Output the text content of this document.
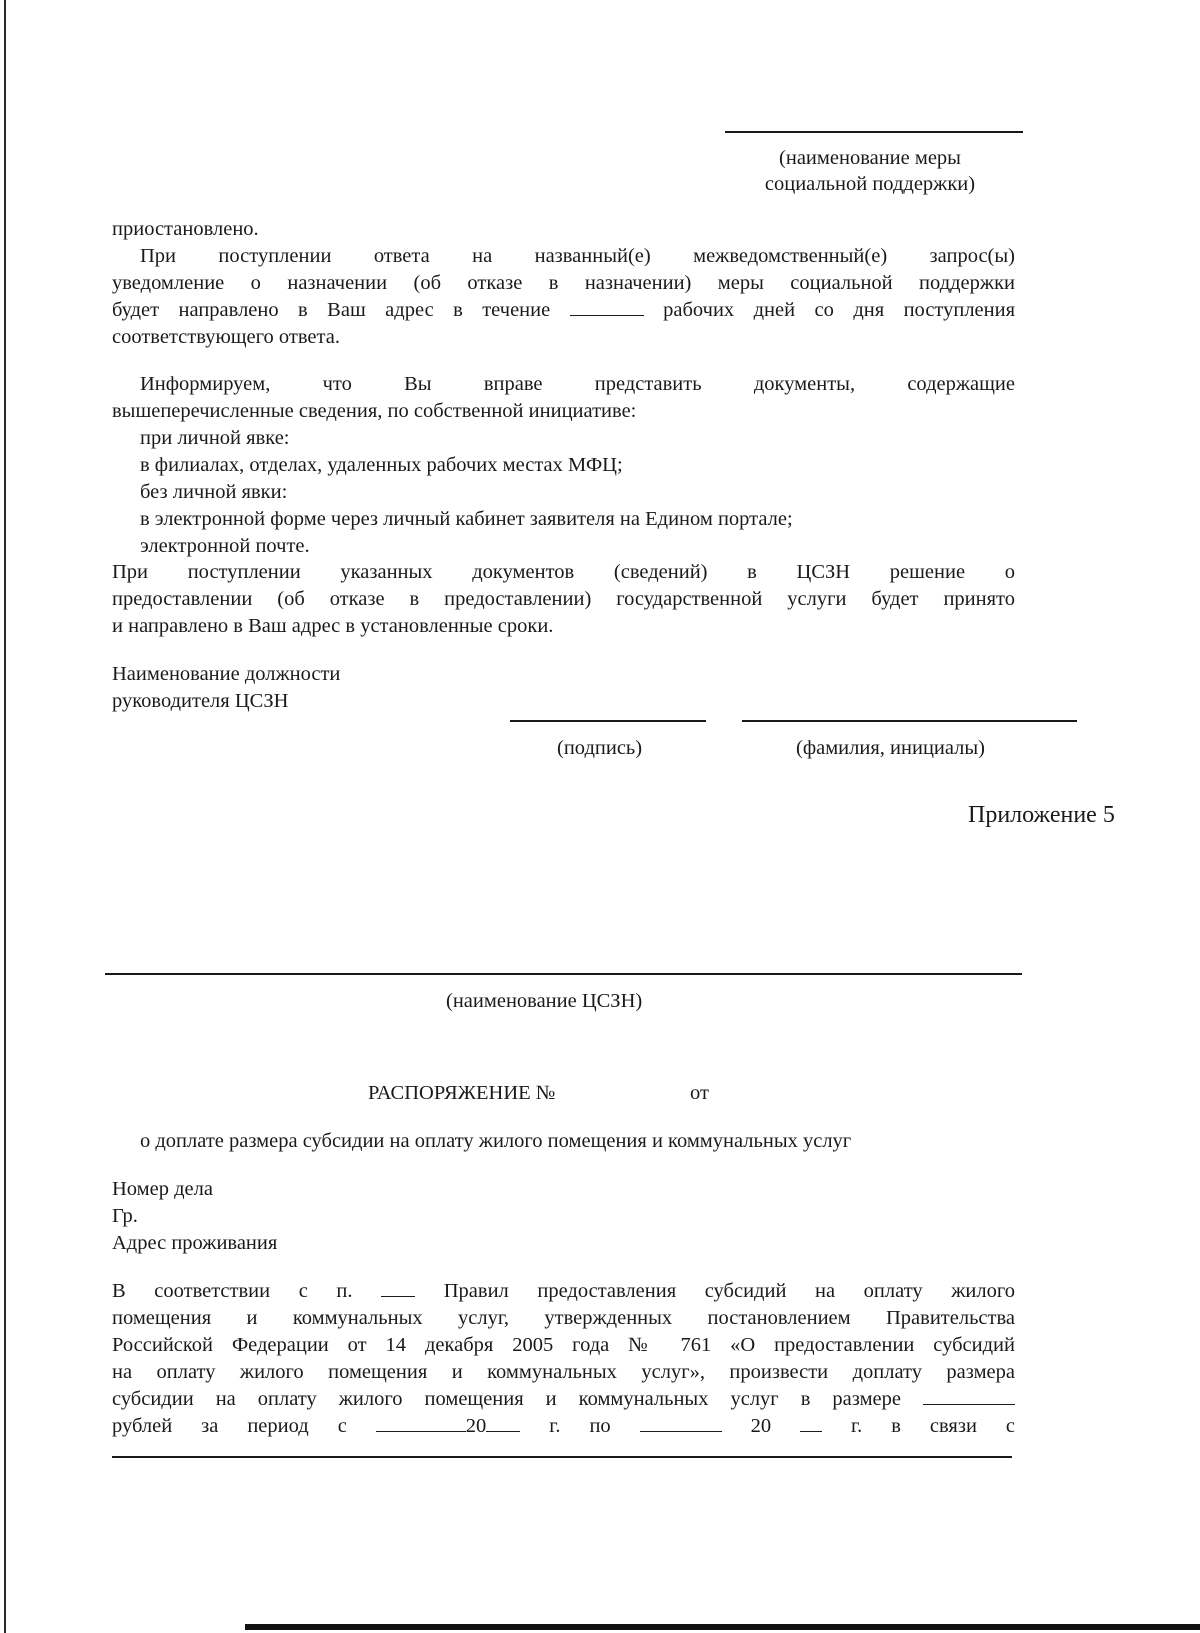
(наименование меры
социальной поддержки)

приостановлено.

При поступлении ответа на названный(е) межведомственный(е) запрос(ы)

уведомление о назначении (об отказе в назначении) меры социальной поддержки

будет направлено в Ваш адрес в течение	рабочих дней со дня поступления

соответствующего ответа.

Информируем, что Вы вправе представить документы, содержащие

вышеперечисленные сведения, по собственной инициативе:

при личной явке:

в филиалах, отделах, удаленных рабочих местах МФЦ;

без личной явки:

в электронной форме через личный кабинет заявителя на Едином портале;

электронной почте.

При поступлении указанных документов (сведений) в ЦСЗН решение о

предоставлении (об отказе в предоставлении) государственной услуги будет принято

и направлено в Ваш адрес в установленные сроки.

Наименование должности

руководителя ЦСЗН

(подпись)	(фамилия, инициалы)

Приложение 5

(наименование ЦСЗН)

РАСПОРЯЖЕНИЕ №	от

о доплате размера субсидии на оплату жилого помещения и коммунальных услуг

Номер дела

Гр.

Адрес проживания

В соответствии с п.	Правил предоставления субсидий на оплату жилого

помещения и коммунальных услуг, утвержденных постановлением Правительства

Российской Федерации от 14 декабря 2005 года № 761 «О предоставлении субсидий

на оплату жилого помещения и коммунальных услуг», произвести доплату размера

субсидии на оплату жилого помещения и коммунальных услуг в размере
рублей за период с	20	г. по	20	г. в связи с
